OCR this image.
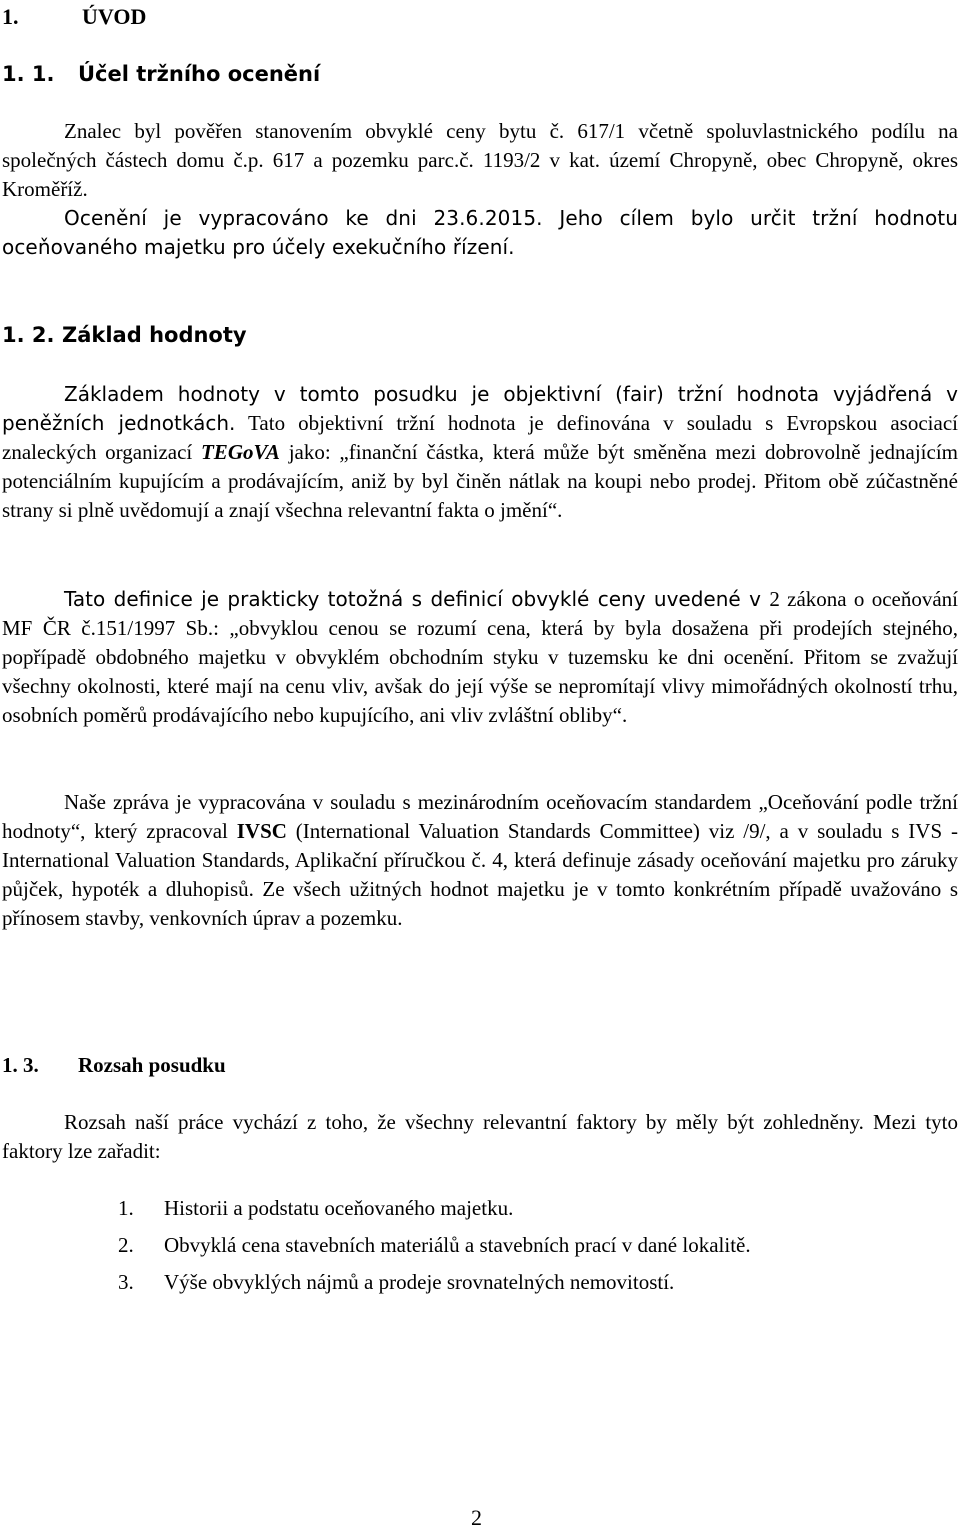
1.	ÚVOD
1. 1. Účel tržního ocenění
Znalec byl pověřen stanovením obvyklé ceny bytu č. 617/1 včetně spoluvlastnického podílu na společných částech domu č.p. 617 a pozemku parc.č. 1193/2 v kat. území Chropyně, obec Chropyně, okres Kroměříž.
Ocenění je vypracováno ke dni 23.6.2015. Jeho cílem bylo určit tržní hodnotu oceňovaného majetku pro účely exekučního řízení.
1. 2. Základ hodnoty
Základem hodnoty v tomto posudku je objektivní (fair) tržní hodnota vyjádřená v peněžních jednotkách. Tato objektivní tržní hodnota je definována v souladu s Evropskou asociací znaleckých organizací TEGoVA jako: „finanční částka, která může být směněna mezi dobrovolně jednajícím potenciálním kupujícím a prodávajícím, aniž by byl činěn nátlak na koupi nebo prodej. Přitom obě zúčastněné strany si plně uvědomují a znají všechna relevantní fakta o jmění“.
Tato definice je prakticky totožná s definicí obvyklé ceny uvedené v 2 zákona o oceňování MF ČR č.151/1997 Sb.: „obvyklou cenou se rozumí cena, která by byla dosažena při prodejích stejného, popřípadě obdobného majetku v obvyklém obchodním styku v tuzemsku ke dni ocenění. Přitom se zvažují všechny okolnosti, které mají na cenu vliv, avšak do její výše se nepromítají vlivy mimořádných okolností trhu, osobních poměrů prodávajícího nebo kupujícího, ani vliv zvláštní obliby“.
Naše zpráva je vypracována v souladu s mezinárodním oceňovacím standardem „Oceňování podle tržní hodnoty“, který zpracoval IVSC (International Valuation Standards Committee) viz /9/, a v souladu s IVS - International Valuation Standards, Aplikační příručkou č. 4, která definuje zásady oceňování majetku pro záruky půjček, hypoték a dluhopisů. Ze všech užitných hodnot majetku je v tomto konkrétním případě uvažováno s přínosem stavby, venkovních úprav a pozemku.
1. 3. Rozsah posudku
Rozsah naší práce vychází z toho, že všechny relevantní faktory by měly být zohledněny. Mezi tyto faktory lze zařadit:
1. Historii a podstatu oceňovaného majetku.
2. Obvyklá cena stavebních materiálů a stavebních prací v dané lokalitě.
3. Výše obvyklých nájmů a prodeje srovnatelných nemovitostí.
2
